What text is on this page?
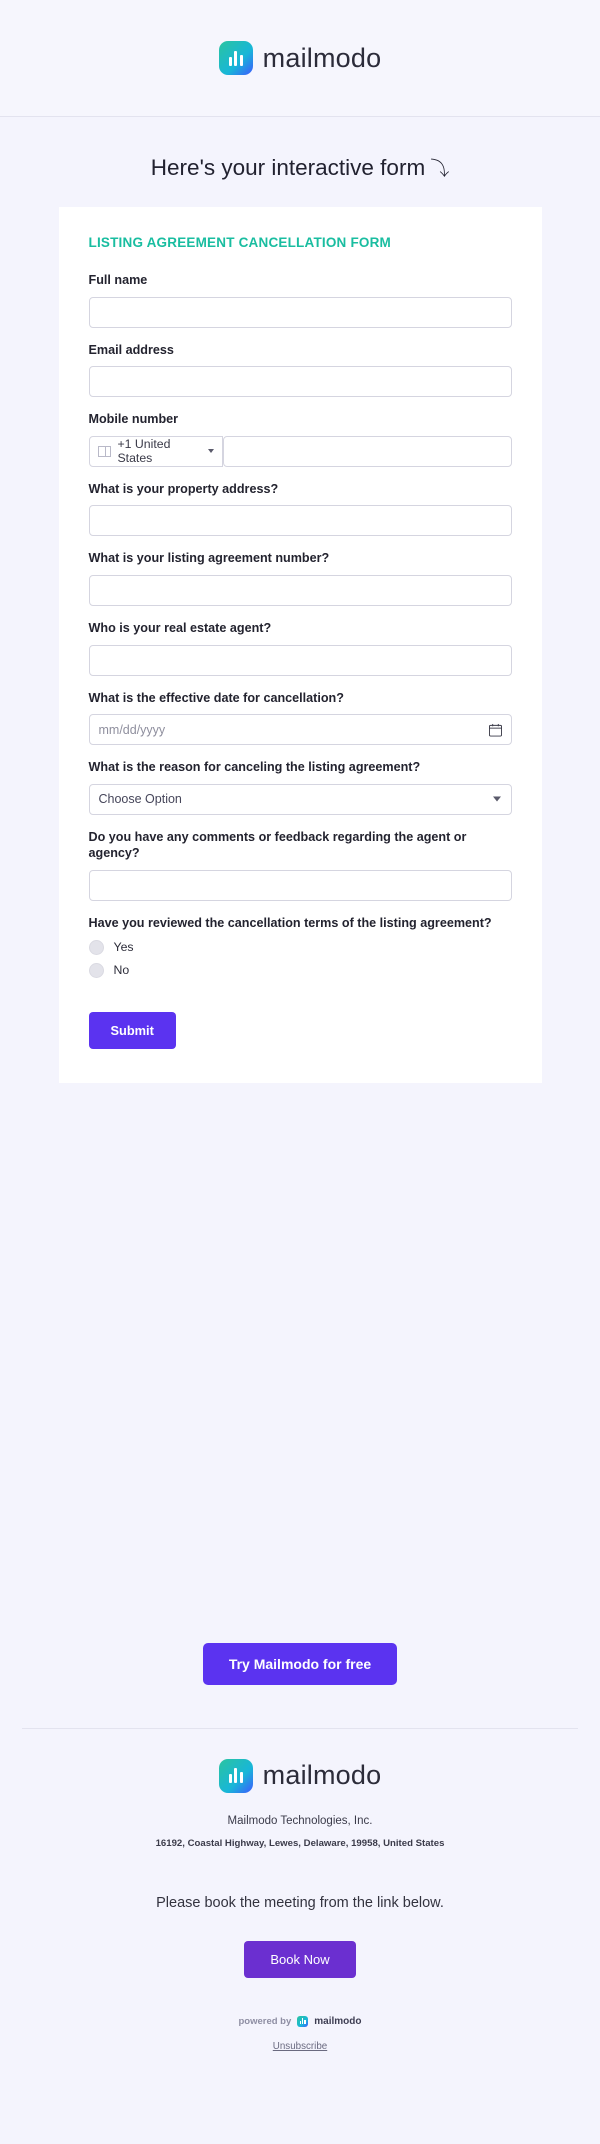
mailmodo
Here's your interactive form ⤵
LISTING AGREEMENT CANCELLATION FORM
Full name
Email address
Mobile number
+1 United States
What is your property address?
What is your listing agreement number?
Who is your real estate agent?
What is the effective date for cancellation?
mm/dd/yyyy
What is the reason for canceling the listing agreement?
Choose Option
Do you have any comments or feedback regarding the agent or agency?
Have you reviewed the cancellation terms of the listing agreement?
Yes
No
Submit
Try Mailmodo for free
mailmodo
Mailmodo Technologies, Inc.
16192, Coastal Highway, Lewes, Delaware, 19958, United States
Please book the meeting from the link below.
Book Now
powered by mailmodo
Unsubscribe
